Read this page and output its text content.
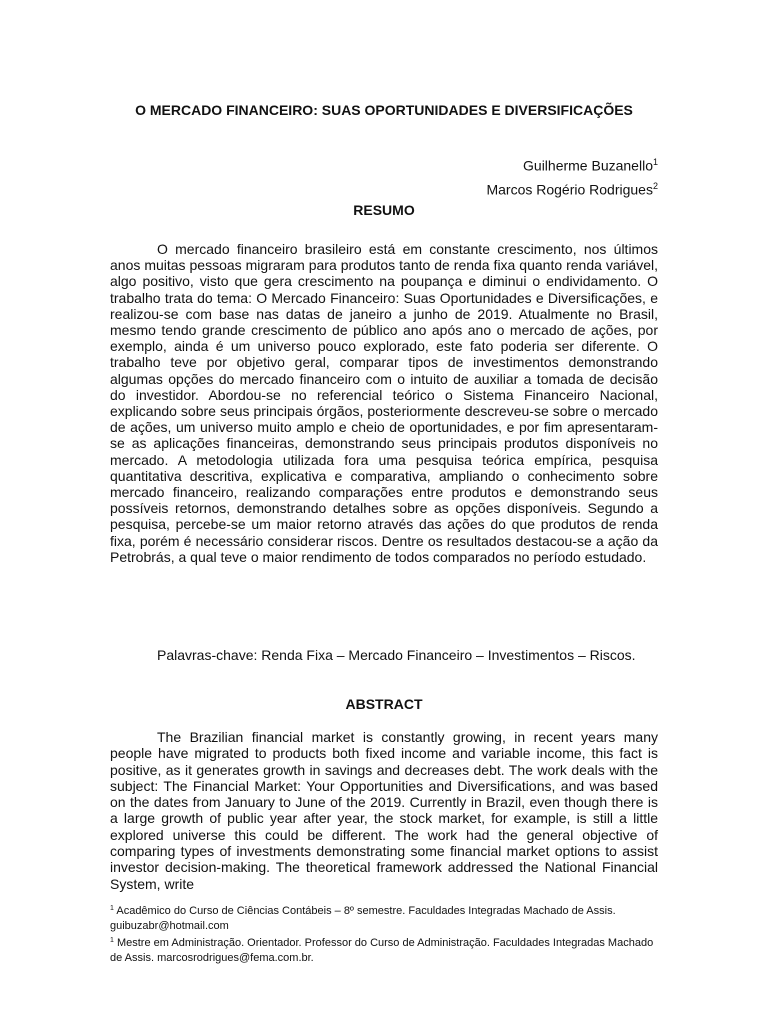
O MERCADO FINANCEIRO: SUAS OPORTUNIDADES E DIVERSIFICAÇÕES
Guilherme Buzanello$^1$
Marcos Rogério Rodrigues$^2$
RESUMO

O mercado financeiro brasileiro está em constante crescimento, nos últimos anos muitas pessoas migraram para produtos tanto de renda fixa quanto renda variável, algo positivo, visto que gera crescimento na poupança e diminui o endividamento. O trabalho trata do tema: O Mercado Financeiro: Suas Oportunidades e Diversificações, e realizou-se com base nas datas de janeiro a junho de 2019. Atualmente no Brasil, mesmo tendo grande crescimento de público ano após ano o mercado de ações, por exemplo, ainda é um universo pouco explorado, este fato poderia ser diferente. O trabalho teve por objetivo geral, comparar tipos de investimentos demonstrando algumas opções do mercado financeiro com o intuito de auxiliar a tomada de decisão do investidor. Abordou-se no referencial teórico o Sistema Financeiro Nacional, explicando sobre seus principais órgãos, posteriormente descreveu-se sobre o mercado de ações, um universo muito amplo e cheio de oportunidades, e por fim apresentaram-se as aplicações financeiras, demonstrando seus principais produtos disponíveis no mercado. A metodologia utilizada fora uma pesquisa teórica empírica, pesquisa quantitativa descritiva, explicativa e comparativa, ampliando o conhecimento sobre mercado financeiro, realizando comparações entre produtos e demonstrando seus possíveis retornos, demonstrando detalhes sobre as opções disponíveis. Segundo a pesquisa, percebe-se um maior retorno através das ações do que produtos de renda fixa, porém é necessário considerar riscos. Dentre os resultados destacou-se a ação da Petrobrás, a qual teve o maior rendimento de todos comparados no período estudado.

Palavras-chave: Renda Fixa – Mercado Financeiro – Investimentos – Riscos.

ABSTRACT

The Brazilian financial market is constantly growing, in recent years many people have migrated to products both fixed income and variable income, this fact is positive, as it generates growth in savings and decreases debt. The work deals with the subject: The Financial Market: Your Opportunities and Diversifications, and was based on the dates from January to June of the 2019. Currently in Brazil, even though there is a large growth of public year after year, the stock market, for example, is still a little explored universe this could be different. The work had the general objective of comparing types of investments demonstrating some financial market options to assist investor decision-making. The theoretical framework addressed the National Financial System, write

$^1$ Acadêmico do Curso de Ciências Contábeis – 8º semestre. Faculdades Integradas Machado de Assis. guibuzabr@hotmail.com

$^1$ Mestre em Administração. Orientador. Professor do Curso de Administração. Faculdades Integradas Machado de Assis. marcosrodrigues@fema.com.br.
